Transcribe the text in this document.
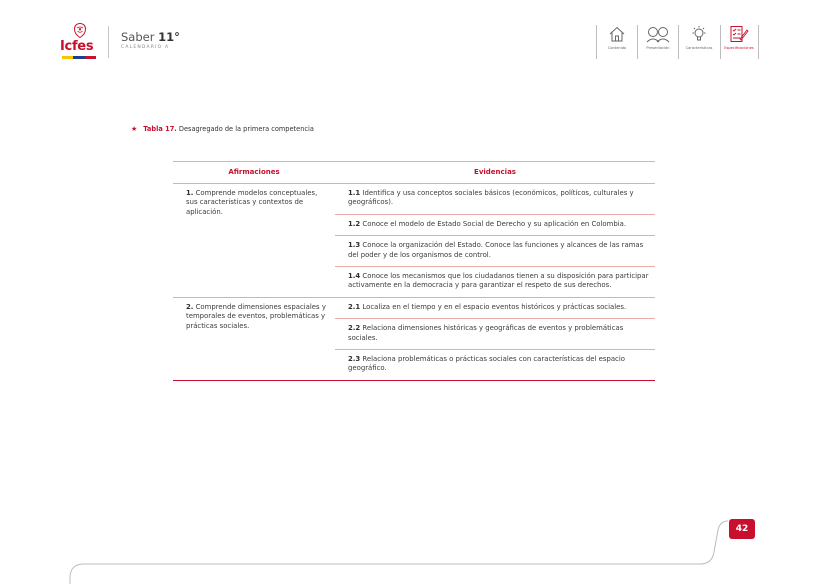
Icfes
Saber 11°
CALENDARIO A	Contenido	Presentación	Características	Especificaciones
★ Tabla 17. Desagregado de la primera competencia
Afirmaciones	Evidencias
1. Comprende modelos conceptuales, sus características y contextos de aplicación.	1.1 Identifica y usa conceptos sociales básicos (económicos, políticos, culturales y geográficos).
	1.2 Conoce el modelo de Estado Social de Derecho y su aplicación en Colombia.
	1.3 Conoce la organización del Estado. Conoce las funciones y alcances de las ramas del poder y de los organismos de control.
	1.4 Conoce los mecanismos que los ciudadanos tienen a su disposición para participar activamente en la democracia y para garantizar el respeto de sus derechos.
2. Comprende dimensiones espaciales y temporales de eventos, problemáticas y prácticas sociales.	2.1 Localiza en el tiempo y en el espacio eventos históricos y prácticas sociales.
	2.2 Relaciona dimensiones históricas y geográficas de eventos y problemáticas sociales.
	2.3 Relaciona problemáticas o prácticas sociales con características del espacio geográfico.
42
